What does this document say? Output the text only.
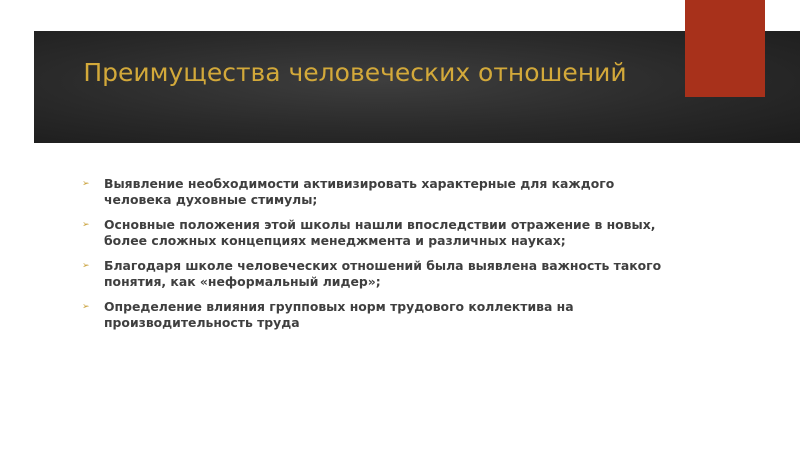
Преимущества человеческих отношений
➢ Выявление необходимости активизировать характерные для каждого человека духовные стимулы;
➢ Основные положения этой школы нашли впоследствии отражение в новых, более сложных концепциях менеджмента и различных науках;
➢ Благодаря школе человеческих отношений была выявлена важность такого понятия, как «неформальный лидер»;
➢ Определение влияния групповых норм трудового коллектива на производительность труда
